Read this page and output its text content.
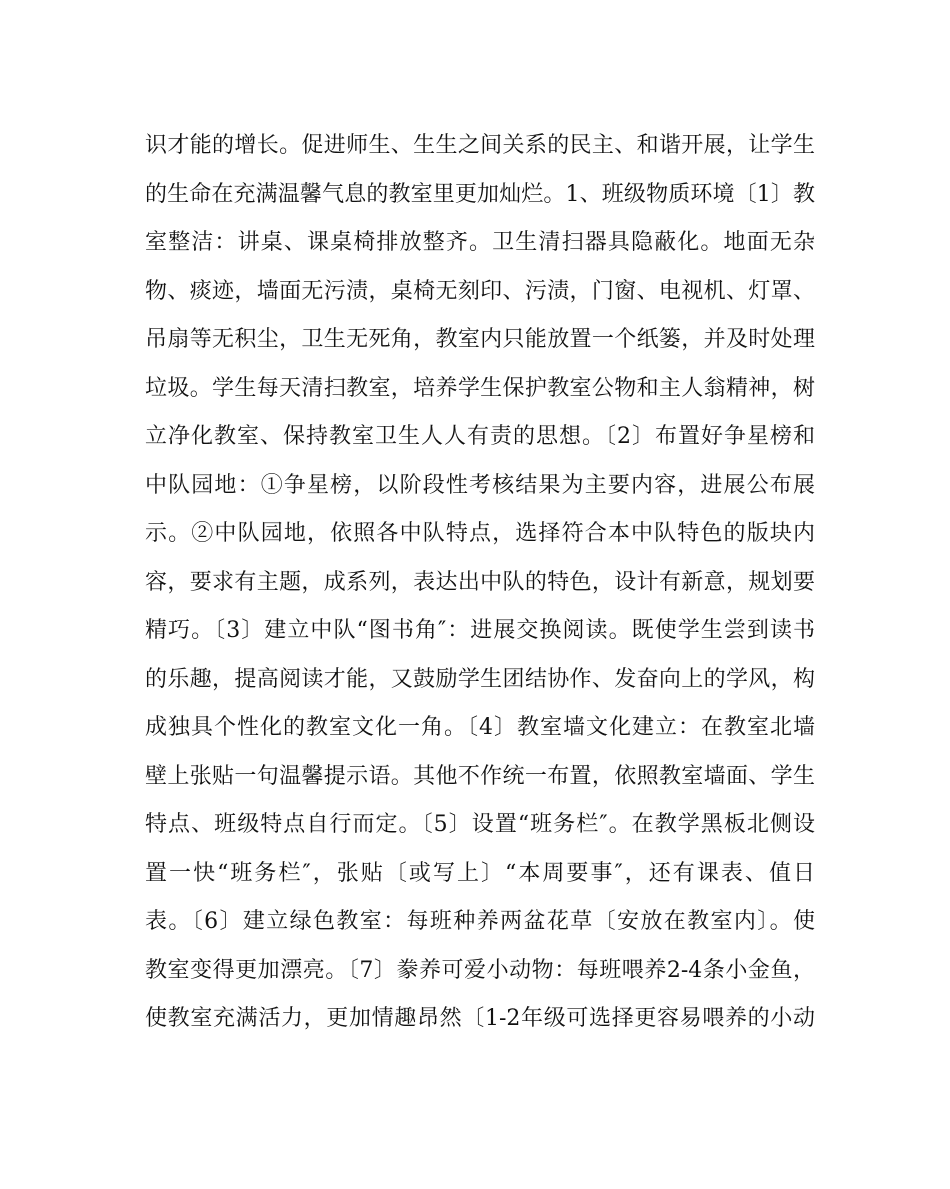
识才能的增长。促进师生、生生之间关系的民主、和谐开展，让学生
的生命在充满温馨气息的教室里更加灿烂。1、班级物质环境〔1〕教
室整洁：讲桌、课桌椅排放整齐。卫生清扫器具隐蔽化。地面无杂
物、痰迹，墙面无污渍，桌椅无刻印、污渍，门窗、电视机、灯罩、
吊扇等无积尘，卫生无死角，教室内只能放置一个纸篓，并及时处理
垃圾。学生每天清扫教室，培养学生保护教室公物和主人翁精神，树
立净化教室、保持教室卫生人人有责的思想。〔2〕布置好争星榜和
中队园地：①争星榜，以阶段性考核结果为主要内容，进展公布展
示。②中队园地，依照各中队特点，选择符合本中队特色的版块内
容，要求有主题，成系列，表达出中队的特色，设计有新意，规划要
精巧。〔3〕建立中队“图书角″：进展交换阅读。既使学生尝到读书
的乐趣，提高阅读才能，又鼓励学生团结协作、发奋向上的学风，构
成独具个性化的教室文化一角。〔4〕教室墙文化建立：在教室北墙
壁上张贴一句温馨提示语。其他不作统一布置，依照教室墙面、学生
特点、班级特点自行而定。〔5〕设置“班务栏″。在教学黑板北侧设
置一快“班务栏″，张贴〔或写上〕“本周要事″，还有课表、值日
表。〔6〕建立绿色教室：每班种养两盆花草〔安放在教室内〕。使
教室变得更加漂亮。〔7〕豢养可爱小动物：每班喂养2-4条小金鱼，
使教室充满活力，更加情趣昂然〔1-2年级可选择更容易喂养的小动
